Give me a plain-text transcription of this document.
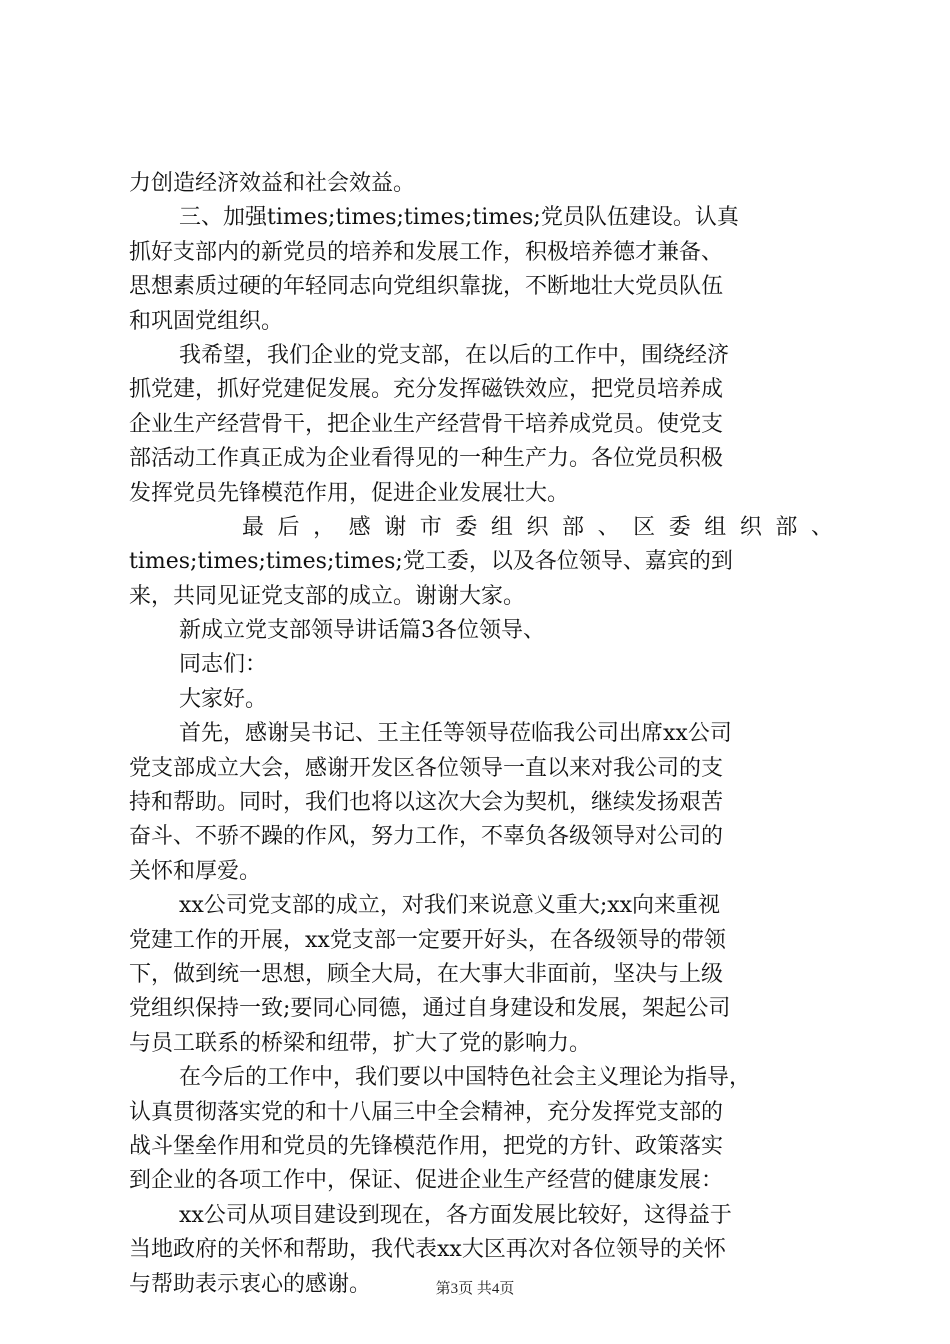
力创造经济效益和社会效益。
三、加强times;times;times;times;党员队伍建设。认真
抓好支部内的新党员的培养和发展工作，积极培养德才兼备、
思想素质过硬的年轻同志向党组织靠拢，不断地壮大党员队伍
和巩固党组织。
我希望，我们企业的党支部，在以后的工作中，围绕经济
抓党建，抓好党建促发展。充分发挥磁铁效应，把党员培养成
企业生产经营骨干，把企业生产经营骨干培养成党员。使党支
部活动工作真正成为企业看得见的一种生产力。各位党员积极
发挥党员先锋模范作用，促进企业发展壮大。
最后，感谢市委组织部、区委组织部、
times;times;times;times;党工委，以及各位领导、嘉宾的到
来，共同见证党支部的成立。谢谢大家。
新成立党支部领导讲话篇3各位领导、
同志们：
大家好。
首先，感谢吴书记、王主任等领导莅临我公司出席xx公司
党支部成立大会，感谢开发区各位领导一直以来对我公司的支
持和帮助。同时，我们也将以这次大会为契机，继续发扬艰苦
奋斗、不骄不躁的作风，努力工作，不辜负各级领导对公司的
关怀和厚爱。
xx公司党支部的成立，对我们来说意义重大;xx向来重视
党建工作的开展，xx党支部一定要开好头，在各级领导的带领
下，做到统一思想，顾全大局，在大事大非面前，坚决与上级
党组织保持一致;要同心同德，通过自身建设和发展，架起公司
与员工联系的桥梁和纽带，扩大了党的影响力。
在今后的工作中，我们要以中国特色社会主义理论为指导，
认真贯彻落实党的和十八届三中全会精神，充分发挥党支部的
战斗堡垒作用和党员的先锋模范作用，把党的方针、政策落实
到企业的各项工作中，保证、促进企业生产经营的健康发展：
xx公司从项目建设到现在，各方面发展比较好，这得益于
当地政府的关怀和帮助，我代表xx大区再次对各位领导的关怀
与帮助表示衷心的感谢。	第3页 共4页
